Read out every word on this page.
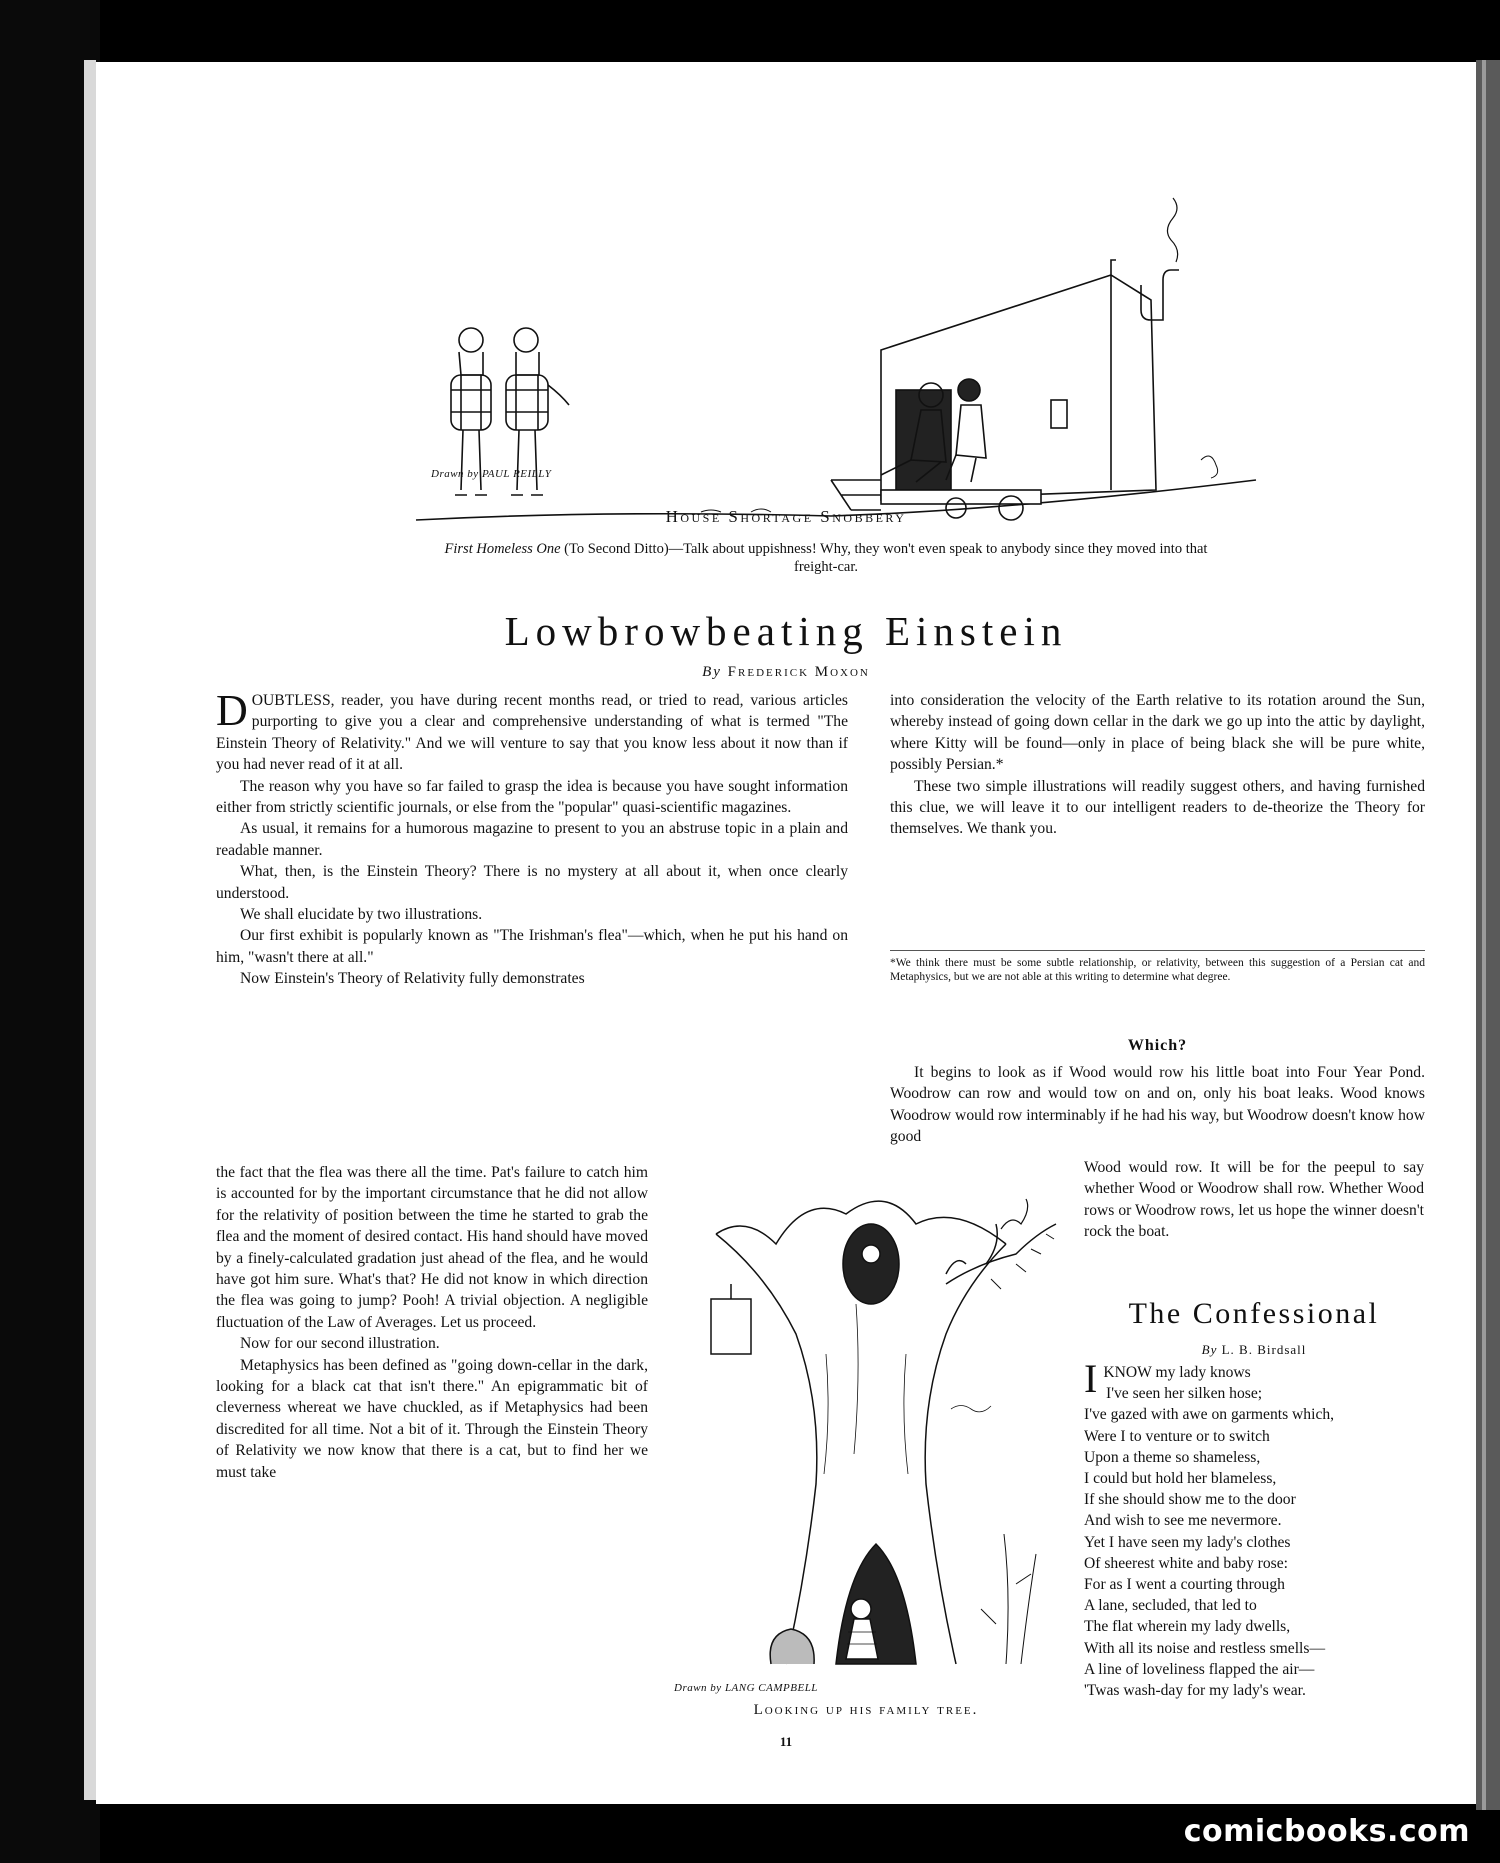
Drawn by PAUL REILLY
House Shortage Snobbery
First Homeless One (To Second Ditto)—Talk about uppishness! Why, they won't even speak to anybody since they moved into that freight-car.
Lowbrowbeating Einstein
By Frederick Moxon

DOUBTLESS, reader, you have during recent months read, or tried to read, various articles purporting to give you a clear and comprehensive understanding of what is termed "The Einstein Theory of Relativity." And we will venture to say that you know less about it now than if you had never read of it at all.

The reason why you have so far failed to grasp the idea is because you have sought information either from strictly scientific journals, or else from the "popular" quasi-scientific magazines.

As usual, it remains for a humorous magazine to present to you an abstruse topic in a plain and readable manner.

What, then, is the Einstein Theory? There is no mystery at all about it, when once clearly understood.

We shall elucidate by two illustrations.

Our first exhibit is popularly known as "The Irishman's flea"—which, when he put his hand on him, "wasn't there at all."

Now Einstein's Theory of Relativity fully demonstrates

the fact that the flea was there all the time. Pat's failure to catch him is accounted for by the important circumstance that he did not allow for the relativity of position between the time he started to grab the flea and the moment of desired contact. His hand should have moved by a finely-calculated gradation just ahead of the flea, and he would have got him sure. What's that? He did not know in which direction the flea was going to jump? Pooh! A trivial objection. A negligible fluctuation of the Law of Averages. Let us proceed.

Now for our second illustration.

Metaphysics has been defined as "going down-cellar in the dark, looking for a black cat that isn't there." An epigrammatic bit of cleverness whereat we have chuckled, as if Metaphysics had been discredited for all time. Not a bit of it. Through the Einstein Theory of Relativity we now know that there is a cat, but to find her we must take

into consideration the velocity of the Earth relative to its rotation around the Sun, whereby instead of going down cellar in the dark we go up into the attic by daylight, where Kitty will be found—only in place of being black she will be pure white, possibly Persian.*

These two simple illustrations will readily suggest others, and having furnished this clue, we will leave it to our intelligent readers to de-theorize the Theory for themselves. We thank you.

*We think there must be some subtle relationship, or relativity, between this suggestion of a Persian cat and Metaphysics, but we are not able at this writing to determine what degree.
Which?

It begins to look as if Wood would row his little boat into Four Year Pond. Woodrow can row and would tow on and on, only his boat leaks. Wood knows Woodrow would row interminably if he had his way, but Woodrow doesn't know how good

Wood would row. It will be for the peepul to say whether Wood or Woodrow shall row. Whether Wood rows or Woodrow rows, let us hope the winner doesn't rock the boat.

Drawn by LANG CAMPBELL
Looking up his family tree.
The Confessional
By L. B. Birdsall
IKNOW my lady knows
I've seen her silken hose;
I've gazed with awe on garments which,
Were I to venture or to switch
Upon a theme so shameless,
I could but hold her blameless,
If she should show me to the door
And wish to see me nevermore.
Yet I have seen my lady's clothes
Of sheerest white and baby rose:
For as I went a courting through
A lane, secluded, that led to
The flat wherein my lady dwells,
With all its noise and restless smells—
A line of loveliness flapped the air—
'Twas wash-day for my lady's wear.
11
comicbooks.com
